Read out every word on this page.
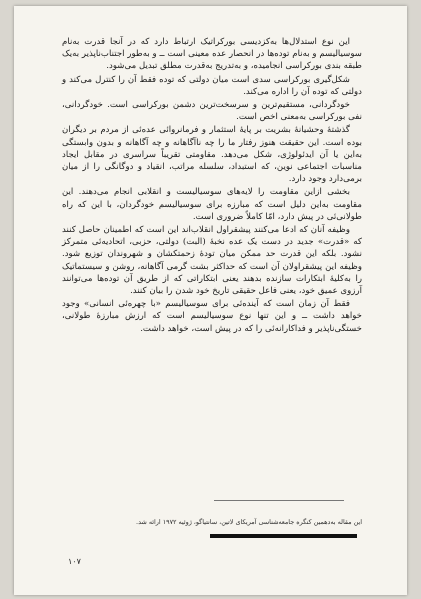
این نوع استدلال‌ها به‌کزدیسی بورکراتیک ارتباط دارد که در آنجا قدرت به‌نام سوسیالیسم و به‌نام توده‌ها در انحصار عده معینی است ــ و به‌طور اجتناب‌ناپذیر به‌یک طبقه بندی بورکراسی انجامیده، و به‌تدریج به‌قدرت مطلق تبدیل می‌شود.

شکل‌گیری بورکراسی سدی است میان دولتی که توده فقط آن را کنترل می‌کند و دولتی که توده آن را اداره می‌کند.

خودگردانی، مستقیم‌ترین و سرسخت‌ترین دشمن بورکراسی است. خودگردانی، نفی بورکراسی به‌معنی اخص است.

گذشتهٔ وحشیانهٔ بشریت بر پایهٔ استثمار و فرمانروائی عده‌ئی از مردم بر دیگران بوده است. این حقیقت هنوز رفتار ما را چه ناآگاهانه و چه آگاهانه و بدون وابستگی به‌این یا آن ایدئولوژی، شکل می‌دهد. مقاومتی تقریباً سراسری در مقابل ایجاد مناسبات اجتماعی نوین، که استبداد، سلسله مراتب، انقیاد و دوگانگی را از میان برمی‌دارد وجود دارد.

بخشی ازاین مقاومت را لایه‌های سوسیالیست و انقلابی انجام می‌دهند. این مقاومت به‌این دلیل است که مبارزه برای سوسیالیسم خودگردان، با این که راه طولانی‌ئی در پیش دارد، امّا کاملاً ضروری است.

وظیفه آنان که ادعا می‌کنند پیشقراول انقلاب‌اند این است که اطمینان حاصل کنند که «قدرت» جدید در دست یک عده نخبهٔ (البت) دولتی، حزبی، اتحادیه‌ئی متمرکز نشود. بلکه این قدرت حد ممکن میان تودهٔ زحمتکشان و شهروندان توزیع شود. وظیفه این پیشقراولان آن است که حداکثر بشت گرمی آگاهانه، روشن و سیستماتیک را به‌کلیهٔ ابتکارات سازنده بدهند یعنی ابتکاراتی که از طریق آن توده‌ها می‌توانند آرزوی عمیق خود، یعنی فاعل حقیقی تاریخ خود شدن را بیان کنند.

فقط آن زمان است که آینده‌ئی برای سوسیالیسم «با چهره‌ئی انسانی» وجود خواهد داشت ــ و این تنها نوع سوسیالیسم است که ارزش مبارزهٔ طولانی، خستگی‌ناپذیر و فداکارانه‌ئی را که در پیش است، خواهد داشت.

این مقاله به‌دهمین کنگره جامعه‌شناسی آمریکای لاتین، سانتیاگو، ژوئیه ۱۹۷۲ ارائه شد.
۱۰۷
